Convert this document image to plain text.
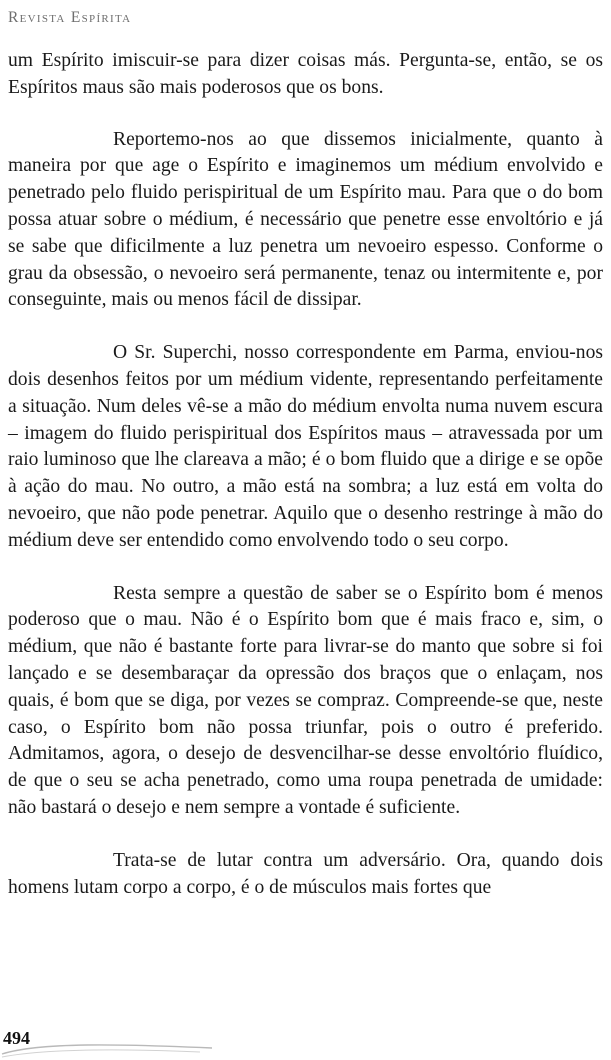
Revista Espírita

um Espírito imiscuir-se para dizer coisas más. Pergunta-se, então, se os Espíritos maus são mais poderosos que os bons.

Reportemo-nos ao que dissemos inicialmente, quanto à maneira por que age o Espírito e imaginemos um médium envolvido e penetrado pelo fluido perispiritual de um Espírito mau. Para que o do bom possa atuar sobre o médium, é necessário que penetre esse envoltório e já se sabe que dificilmente a luz penetra um nevoeiro espesso. Conforme o grau da obsessão, o nevoeiro será permanente, tenaz ou intermitente e, por conseguinte, mais ou menos fácil de dissipar.

O Sr. Superchi, nosso correspondente em Parma, enviou-nos dois desenhos feitos por um médium vidente, representando perfeitamente a situação. Num deles vê-se a mão do médium envolta numa nuvem escura – imagem do fluido perispiritual dos Espíritos maus – atravessada por um raio luminoso que lhe clareava a mão; é o bom fluido que a dirige e se opõe à ação do mau. No outro, a mão está na sombra; a luz está em volta do nevoeiro, que não pode penetrar. Aquilo que o desenho restringe à mão do médium deve ser entendido como envolvendo todo o seu corpo.

Resta sempre a questão de saber se o Espírito bom é menos poderoso que o mau. Não é o Espírito bom que é mais fraco e, sim, o médium, que não é bastante forte para livrar-se do manto que sobre si foi lançado e se desembaraçar da opressão dos braços que o enlaçam, nos quais, é bom que se diga, por vezes se compraz. Compreende-se que, neste caso, o Espírito bom não possa triunfar, pois o outro é preferido. Admitamos, agora, o desejo de desvencilhar-se desse envoltório fluídico, de que o seu se acha penetrado, como uma roupa penetrada de umidade: não bastará o desejo e nem sempre a vontade é suficiente.

Trata-se de lutar contra um adversário. Ora, quando dois homens lutam corpo a corpo, é o de músculos mais fortes que

494
